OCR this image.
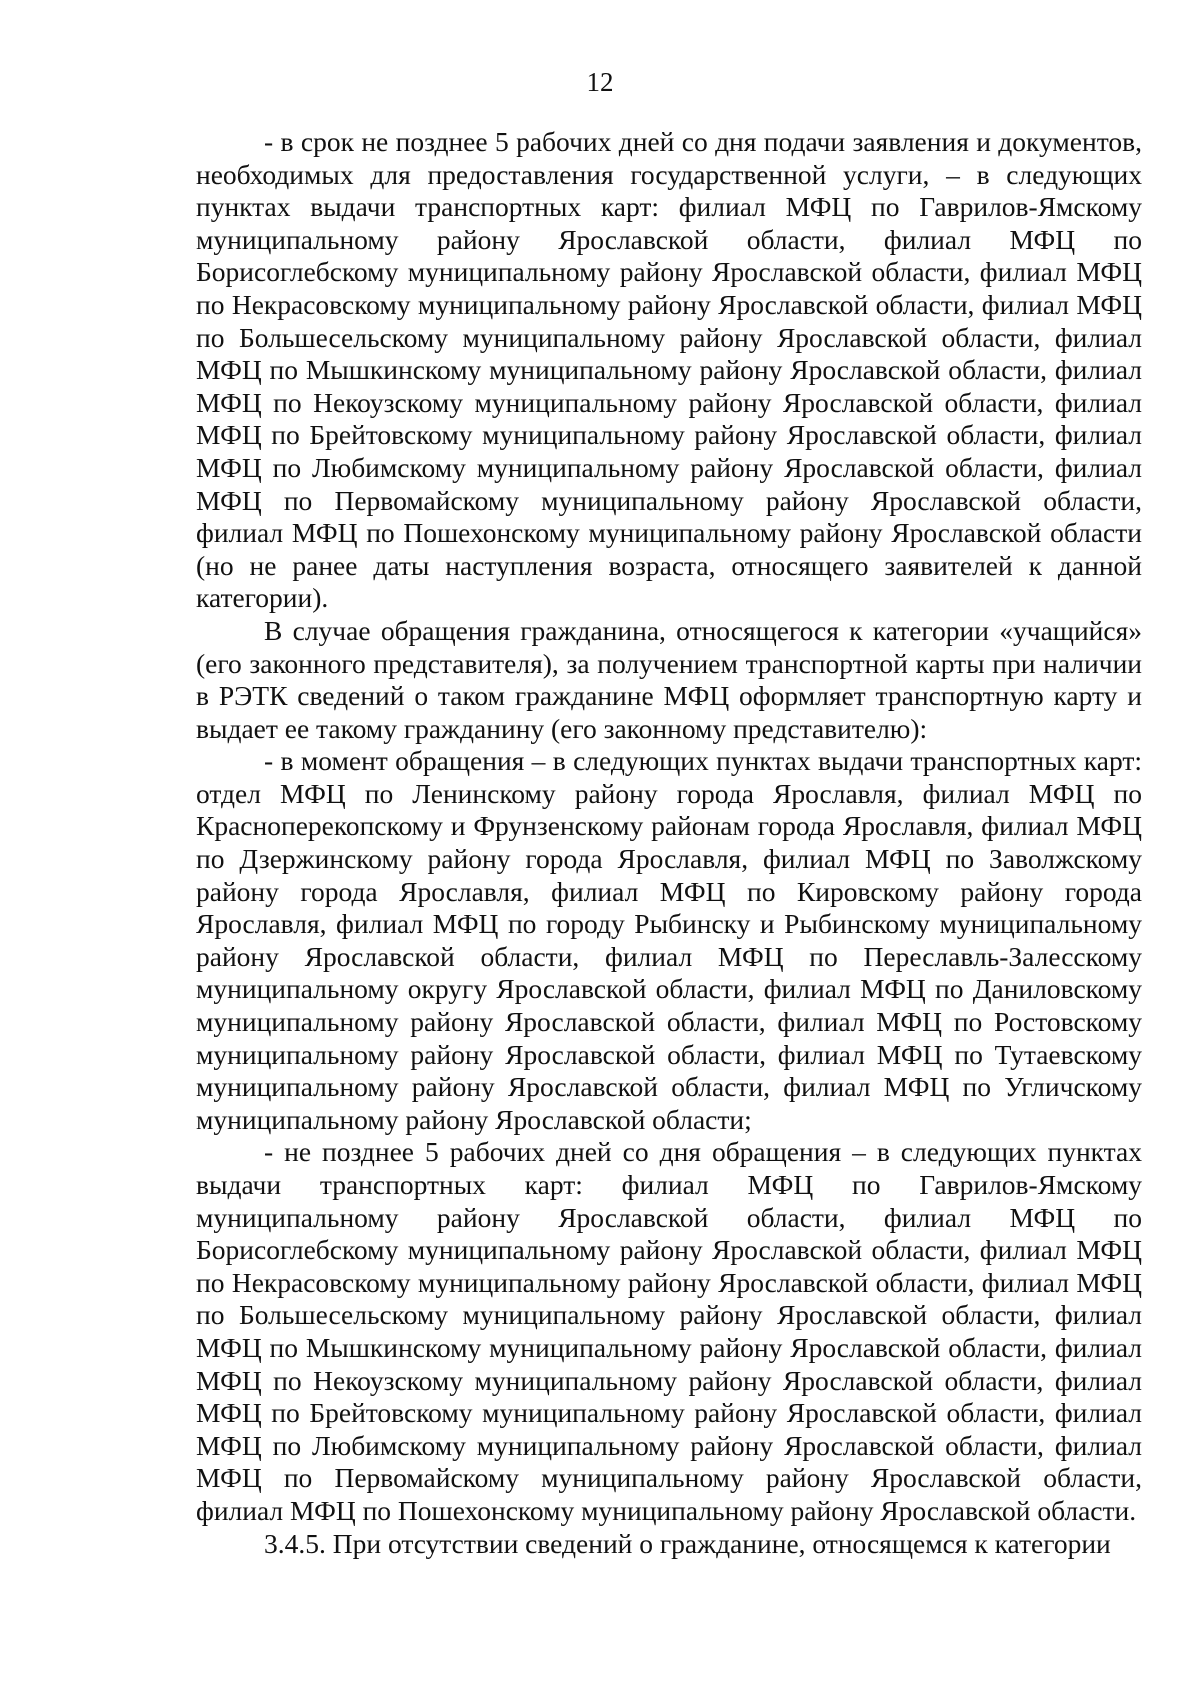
12

- в срок не позднее 5 рабочих дней со дня подачи заявления и документов, необходимых для предоставления государственной услуги, – в следующих пунктах выдачи транспортных карт: филиал МФЦ по Гаврилов-Ямскому муниципальному району Ярославской области, филиал МФЦ по Борисоглебскому муниципальному району Ярославской области, филиал МФЦ по Некрасовскому муниципальному району Ярославской области, филиал МФЦ по Большесельскому муниципальному району Ярославской области, филиал МФЦ по Мышкинскому муниципальному району Ярославской области, филиал МФЦ по Некоузскому муниципальному району Ярославской области, филиал МФЦ по Брейтовскому муниципальному району Ярославской области, филиал МФЦ по Любимскому муниципальному району Ярославской области, филиал МФЦ по Первомайскому муниципальному району Ярославской области, филиал МФЦ по Пошехонскому муниципальному району Ярославской области (но не ранее даты наступления возраста, относящего заявителей к данной категории).

В случае обращения гражданина, относящегося к категории «учащийся» (его законного представителя), за получением транспортной карты при наличии в РЭТК сведений о таком гражданине МФЦ оформляет транспортную карту и выдает ее такому гражданину (его законному представителю):

- в момент обращения – в следующих пунктах выдачи транспортных карт: отдел МФЦ по Ленинскому району города Ярославля, филиал МФЦ по Красноперекопскому и Фрунзенскому районам города Ярославля, филиал МФЦ по Дзержинскому району города Ярославля, филиал МФЦ по Заволжскому району города Ярославля, филиал МФЦ по Кировскому району города Ярославля, филиал МФЦ по городу Рыбинску и Рыбинскому муниципальному району Ярославской области, филиал МФЦ по Переславль-Залесскому муниципальному округу Ярославской области, филиал МФЦ по Даниловскому муниципальному району Ярославской области, филиал МФЦ по Ростовскому муниципальному району Ярославской области, филиал МФЦ по Тутаевскому муниципальному району Ярославской области, филиал МФЦ по Угличскому муниципальному району Ярославской области;

- не позднее 5 рабочих дней со дня обращения – в следующих пунктах выдачи транспортных карт: филиал МФЦ по Гаврилов-Ямскому муниципальному району Ярославской области, филиал МФЦ по Борисоглебскому муниципальному району Ярославской области, филиал МФЦ по Некрасовскому муниципальному району Ярославской области, филиал МФЦ по Большесельскому муниципальному району Ярославской области, филиал МФЦ по Мышкинскому муниципальному району Ярославской области, филиал МФЦ по Некоузскому муниципальному району Ярославской области, филиал МФЦ по Брейтовскому муниципальному району Ярославской области, филиал МФЦ по Любимскому муниципальному району Ярославской области, филиал МФЦ по Первомайскому муниципальному району Ярославской области, филиал МФЦ по Пошехонскому муниципальному району Ярославской области.

3.4.5. При отсутствии сведений о гражданине, относящемся к категории
